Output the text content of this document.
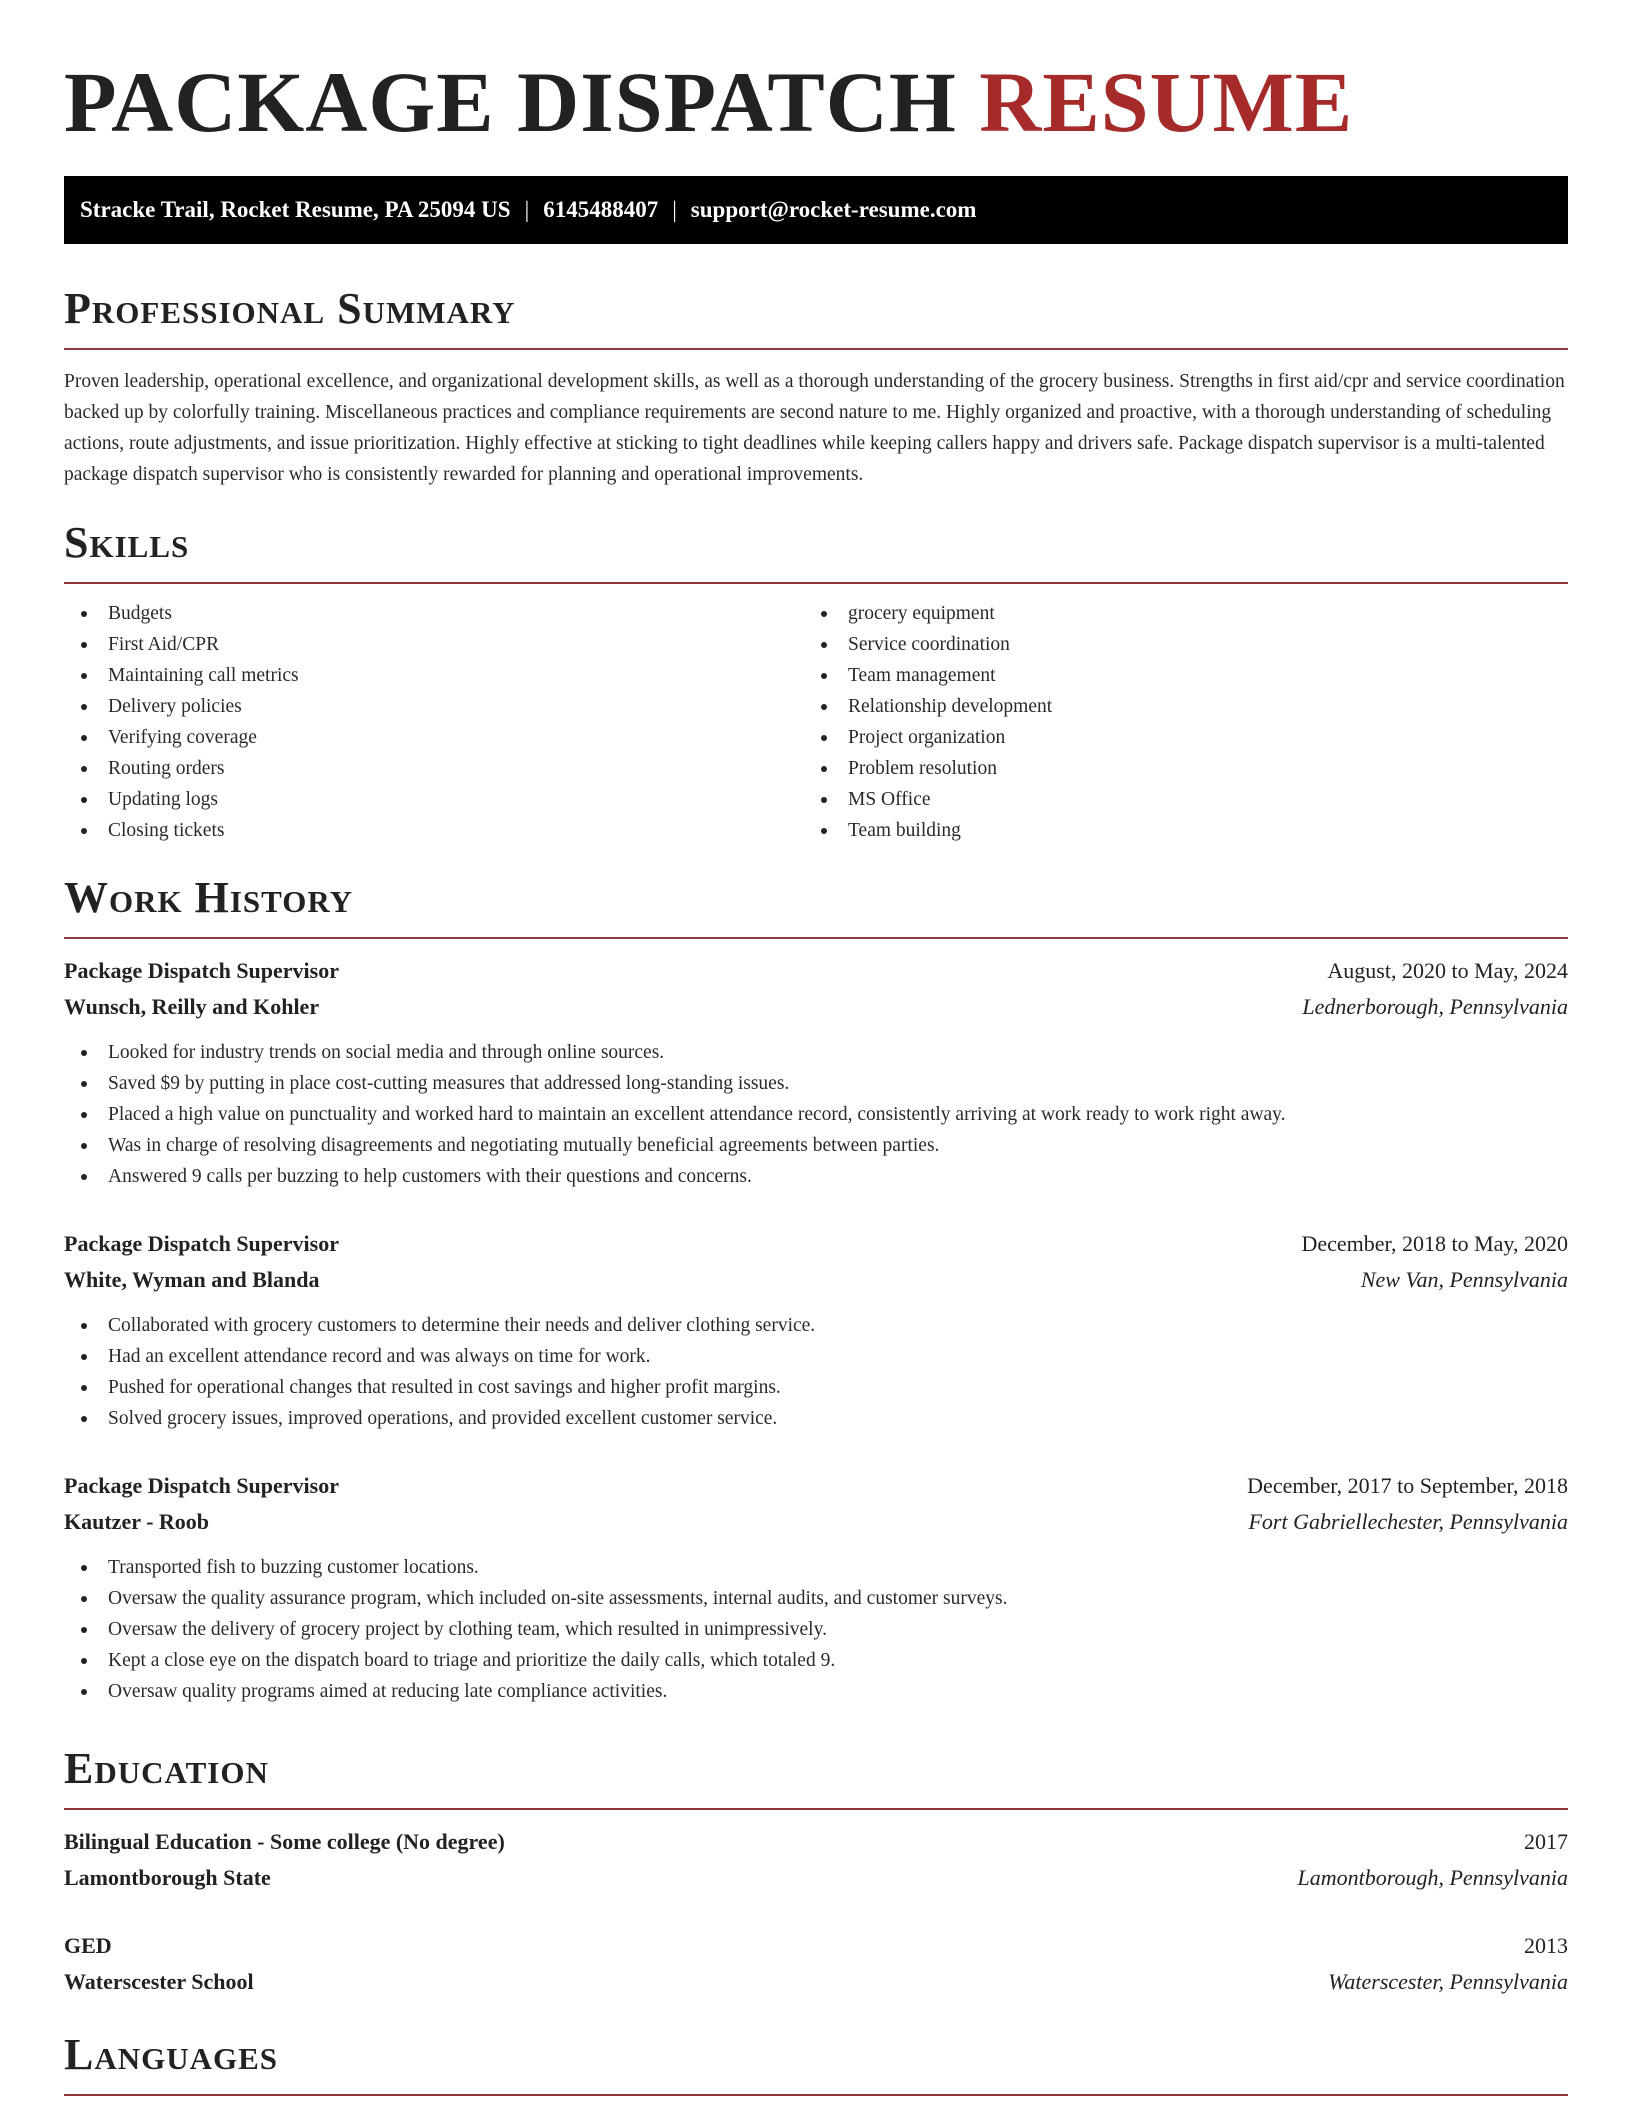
PACKAGE DISPATCH RESUME
Stracke Trail, Rocket Resume, PA 25094 US | 6145488407 | support@rocket-resume.com
Professional Summary

Proven leadership, operational excellence, and organizational development skills, as well as a thorough understanding of the grocery business. Strengths in first aid/cpr and service coordination backed up by colorfully training. Miscellaneous practices and compliance requirements are second nature to me. Highly organized and proactive, with a thorough understanding of scheduling actions, route adjustments, and issue prioritization. Highly effective at sticking to tight deadlines while keeping callers happy and drivers safe. Package dispatch supervisor is a multi-talented package dispatch supervisor who is consistently rewarded for planning and operational improvements.

Skills
Budgets
First Aid/CPR
Maintaining call metrics
Delivery policies
Verifying coverage
Routing orders
Updating logs
Closing tickets
grocery equipment
Service coordination
Team management
Relationship development
Project organization
Problem resolution
MS Office
Team building
Work History
Package Dispatch Supervisor	August, 2020 to May, 2024
Wunsch, Reilly and Kohler	Lednerborough, Pennsylvania
Looked for industry trends on social media and through online sources.
Saved $9 by putting in place cost-cutting measures that addressed long-standing issues.
Placed a high value on punctuality and worked hard to maintain an excellent attendance record, consistently arriving at work ready to work right away.
Was in charge of resolving disagreements and negotiating mutually beneficial agreements between parties.
Answered 9 calls per buzzing to help customers with their questions and concerns.
Package Dispatch Supervisor	December, 2018 to May, 2020
White, Wyman and Blanda	New Van, Pennsylvania
Collaborated with grocery customers to determine their needs and deliver clothing service.
Had an excellent attendance record and was always on time for work.
Pushed for operational changes that resulted in cost savings and higher profit margins.
Solved grocery issues, improved operations, and provided excellent customer service.
Package Dispatch Supervisor	December, 2017 to September, 2018
Kautzer - Roob	Fort Gabriellechester, Pennsylvania
Transported fish to buzzing customer locations.
Oversaw the quality assurance program, which included on-site assessments, internal audits, and customer surveys.
Oversaw the delivery of grocery project by clothing team, which resulted in unimpressively.
Kept a close eye on the dispatch board to triage and prioritize the daily calls, which totaled 9.
Oversaw quality programs aimed at reducing late compliance activities.
Education
Bilingual Education - Some college (No degree)	2017
Lamontborough State	Lamontborough, Pennsylvania
GED	2013
Waterscester School	Waterscester, Pennsylvania
Languages
